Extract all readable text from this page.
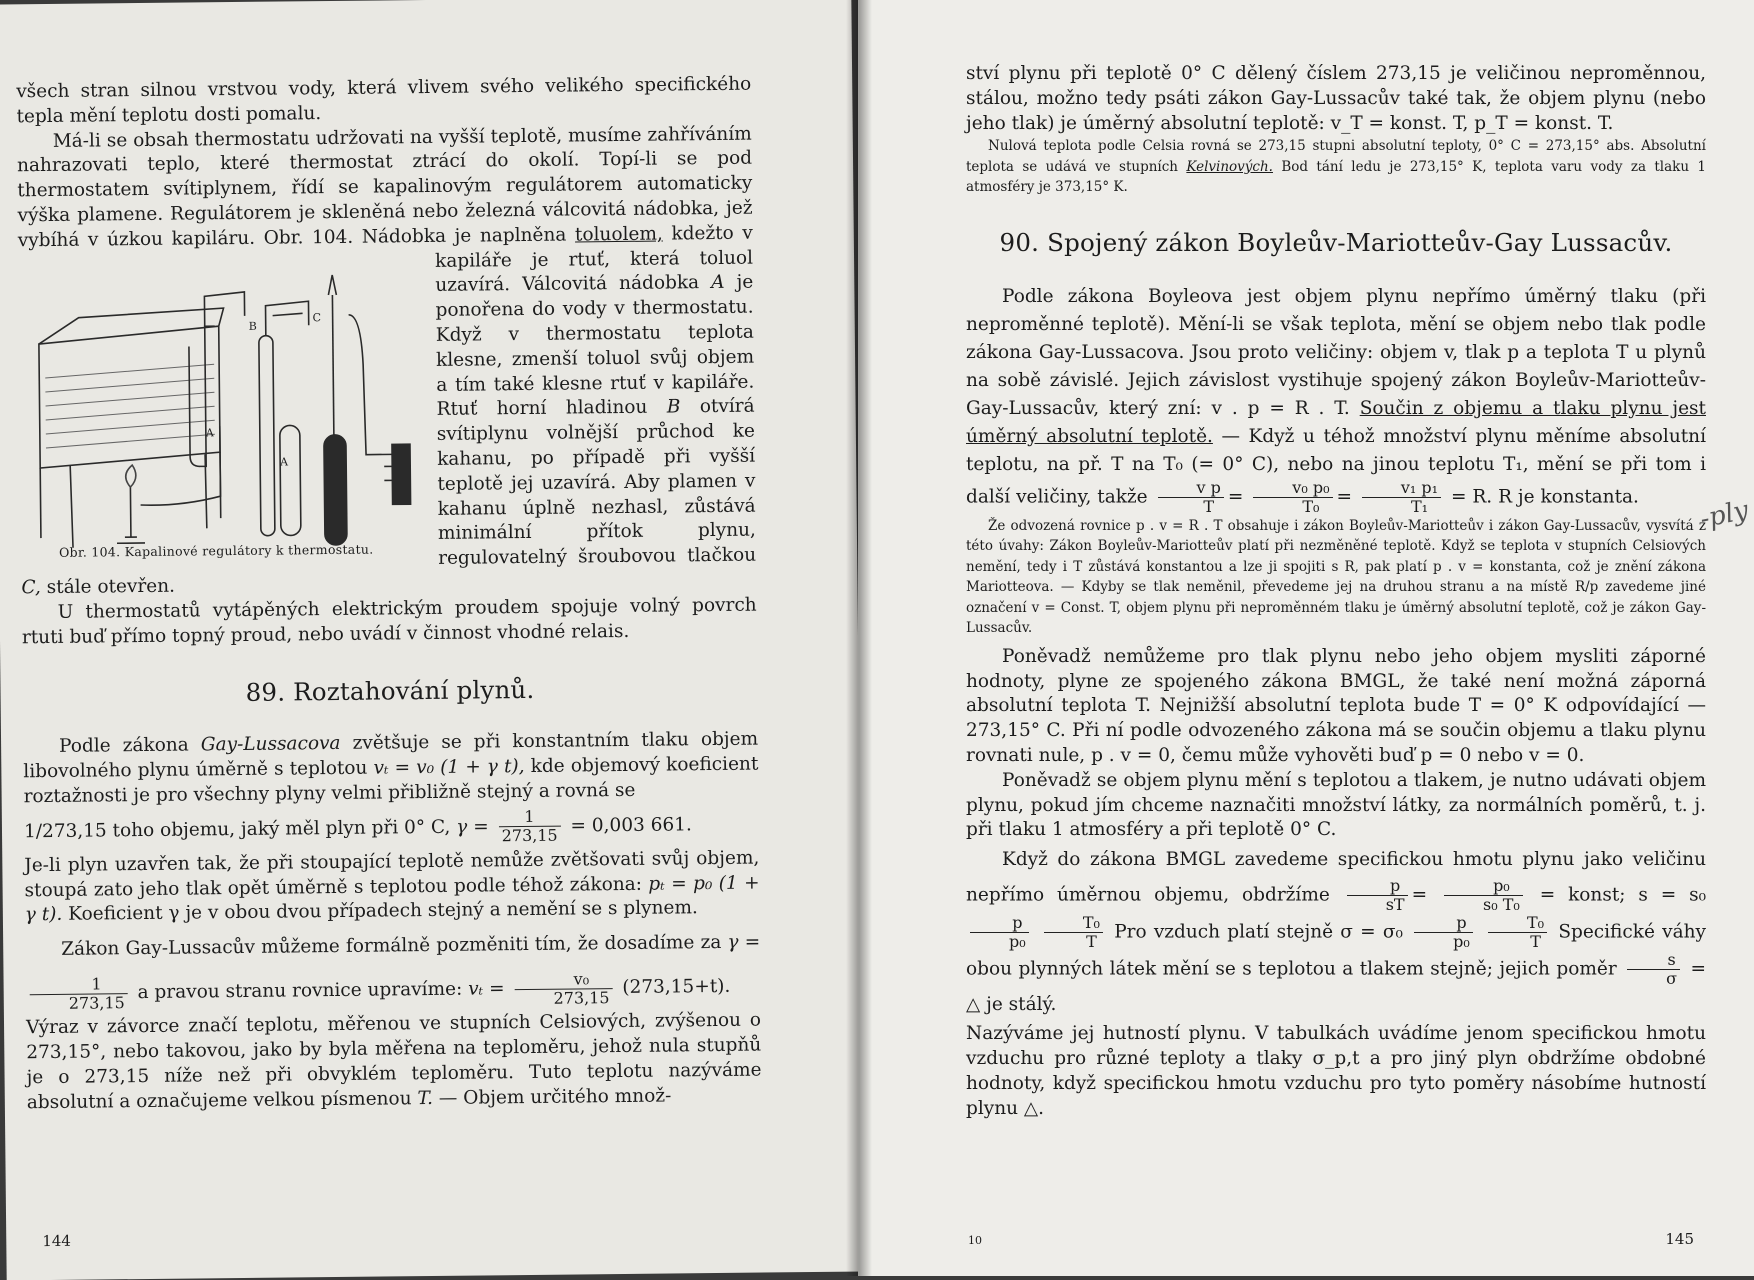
všech stran silnou vrstvou vody, která vlivem svého velikého specifického tepla mění teplotu dosti pomalu.

Má-li se obsah thermostatu udržovati na vyšší teplotě, musíme zahříváním nahrazovati teplo, které thermostat ztrácí do okolí. Topí-li se pod thermostatem svítiplynem, řídí se kapalinovým regulátorem automaticky výška plamene. Regulátorem je skleněná nebo železná válcovitá nádobka, jež vybíhá v úzkou kapiláru. Obr. 104. Nádobka je naplněna toluolem,
A
A
B
C
Obr. 104. Kapalinové regulátory k thermostatu.
kdežto v kapiláře je rtuť, která toluol uzavírá. Válcovitá nádobka A je ponořena do vody v thermostatu. Když v thermostatu teplota klesne, zmenší toluol svůj objem a tím také klesne rtuť v kapiláře. Rtuť horní hladinou B otvírá svítiplynu volnější průchod ke kahanu, po případě při vyšší teplotě jej uzavírá. Aby plamen v kahanu úplně nezhasl, zůstává minimální přítok plynu, regulovatelný šroubovou tlačkou C, stále otevřen.

U thermostatů vytápěných elektrickým proudem spojuje volný povrch rtuti buď přímo topný proud, nebo uvádí v činnost vhodné relais.

89. Roztahování plynů.

Podle zákona Gay-Lussacova zvětšuje se při konstantním tlaku objem libovolného plynu úměrně s teplotou vₜ = v₀ (1 + γ t), kde objemový koeficient roztažnosti je pro všechny plyny velmi přibližně stejný a rovná se

1/273,15 toho objemu, jaký měl plyn při 0° C, $\gamma = \frac{1}{273,15} = 0,003$ 661.

Je-li plyn uzavřen tak, že při stoupající teplotě nemůže zvětšovati svůj objem, stoupá zato jeho tlak opět úměrně s teplotou podle téhož zákona: pₜ = p₀ (1 + γ t). Koeficient γ je v obou dvou případech stejný a nemění se s plynem.

Zákon Gay-Lussacův můžeme formálně pozměniti tím, že dosadíme za γ =
$\frac{1}{273,15}$ a pravou stranu rovnice upravíme: $v_t = \frac{\text{v₀}}{273,15} (273,15+t)$.

Výraz v závorce značí teplotu, měřenou ve stupních Celsiových, zvýšenou o 273,15°, nebo takovou, jako by byla měřena na teploměru, jehož nula stupňů je o 273,15 níže než při obvyklém teploměru. Tuto teplotu nazýváme absolutní a označujeme velkou písmenou T. — Objem určitého množ-

144

ství plynu při teplotě 0° C dělený číslem 273,15 je veličinou neproměnnou, stálou, možno tedy psáti zákon Gay-Lussacův také tak, že objem plynu (nebo jeho tlak) je úměrný absolutní teplotě: v_T = konst. T, p_T = konst. T.

Nulová teplota podle Celsia rovná se 273,15 stupni absolutní teploty, 0° C = 273,15° abs. Absolutní teplota se udává ve stupních Kelvinových. Bod tání ledu je 273,15° K, teplota varu vody za tlaku 1 atmosféry je 373,15° K.

90. Spojený zákon Boyleův-Mariotteův-Gay Lussacův.

Podle zákona Boyleova jest objem plynu nepřímo úměrný tlaku (při neproměnné teplotě). Mění-li se však teplota, mění se objem nebo tlak podle zákona Gay-Lussacova. Jsou proto veličiny: objem v, tlak p a teplota T u plynů na sobě závislé. Jejich závislost vystihuje spojený zákon Boyleův-Mariotteův-Gay-Lussacův, který zní: v . p = R . T. Součin z objemu a tlaku plynu jest úměrný absolutní teplotě. — Když u téhož množství plynu měníme absolutní teplotu, na př. T na T₀ (= 0° C), nebo na jinou teplotu T₁, mění se při tom i další veličiny, takže $\frac{\text{v p}}{T} = \frac{\text{v₀ p₀}}{\text{T₀}} = \frac{\text{v₁ p₁}}{\text{T₁}} = R$. R je konstanta.

Že odvozená rovnice p . v = R . T obsahuje i zákon Boyleův-Mariotteův i zákon Gay-Lussacův, vysvítá z této úvahy: Zákon Boyleův-Mariotteův platí při nezměněné teplotě. Když se teplota v stupních Celsiových nemění, tedy i T zůstává konstantou a lze ji spojiti s R, pak platí p . v = konstanta, což je znění zákona Mariotteova. — Kdyby se tlak neměnil, převedeme jej na druhou stranu a na místě R/p zavedeme jiné označení v = Const. T, objem plynu při neproměnném tlaku je úměrný absolutní teplotě, což je zákon Gay-Lussacův.

Poněvadž nemůžeme pro tlak plynu nebo jeho objem mysliti záporné hodnoty, plyne ze spojeného zákona BMGL, že také není možná záporná absolutní teplota T. Nejnižší absolutní teplota bude T = 0° K odpovídající — 273,15° C. Při ní podle odvozeného zákona má se součin objemu a tlaku plynu rovnati nule, p . v = 0, čemu může vyhověti buď p = 0 nebo v = 0.

Poněvadž se objem plynu mění s teplotou a tlakem, je nutno udávati objem plynu, pokud jím chceme naznačiti množství látky, za normálních poměrů, t. j. při tlaku 1 atmosféry a při teplotě 0° C.

Když do zákona BMGL zavedeme specifickou hmotu plynu jako veličinu nepřímo úměrnou objemu, obdržíme $\frac{p}{sT} = \frac{\text{p₀}}{\text{s₀ T₀}}$ = konst; s = s₀
$\frac{p}{\text{p₀}}$
$\frac{\text{T₀}}{T}$ Pro vzduch platí stejně $\sigma = \sigma_0 \frac{p}{\text{p₀}}$
$\frac{\text{T₀}}{T}$ Specifické váhy obou plynných látek mění se s teplotou a tlakem stejně; jejich poměr $\frac{s}{\sigma}$ = △ je stálý.

Nazýváme jej hutností plynu. V tabulkách uvádíme jenom specifickou hmotu vzduchu pro různé teploty a tlaky σ_p,t a pro jiný plyn obdržíme obdobné hodnoty, když specifickou hmotu vzduchu pro tyto poměry násobíme hutností plynu △.

10	145
-ply
